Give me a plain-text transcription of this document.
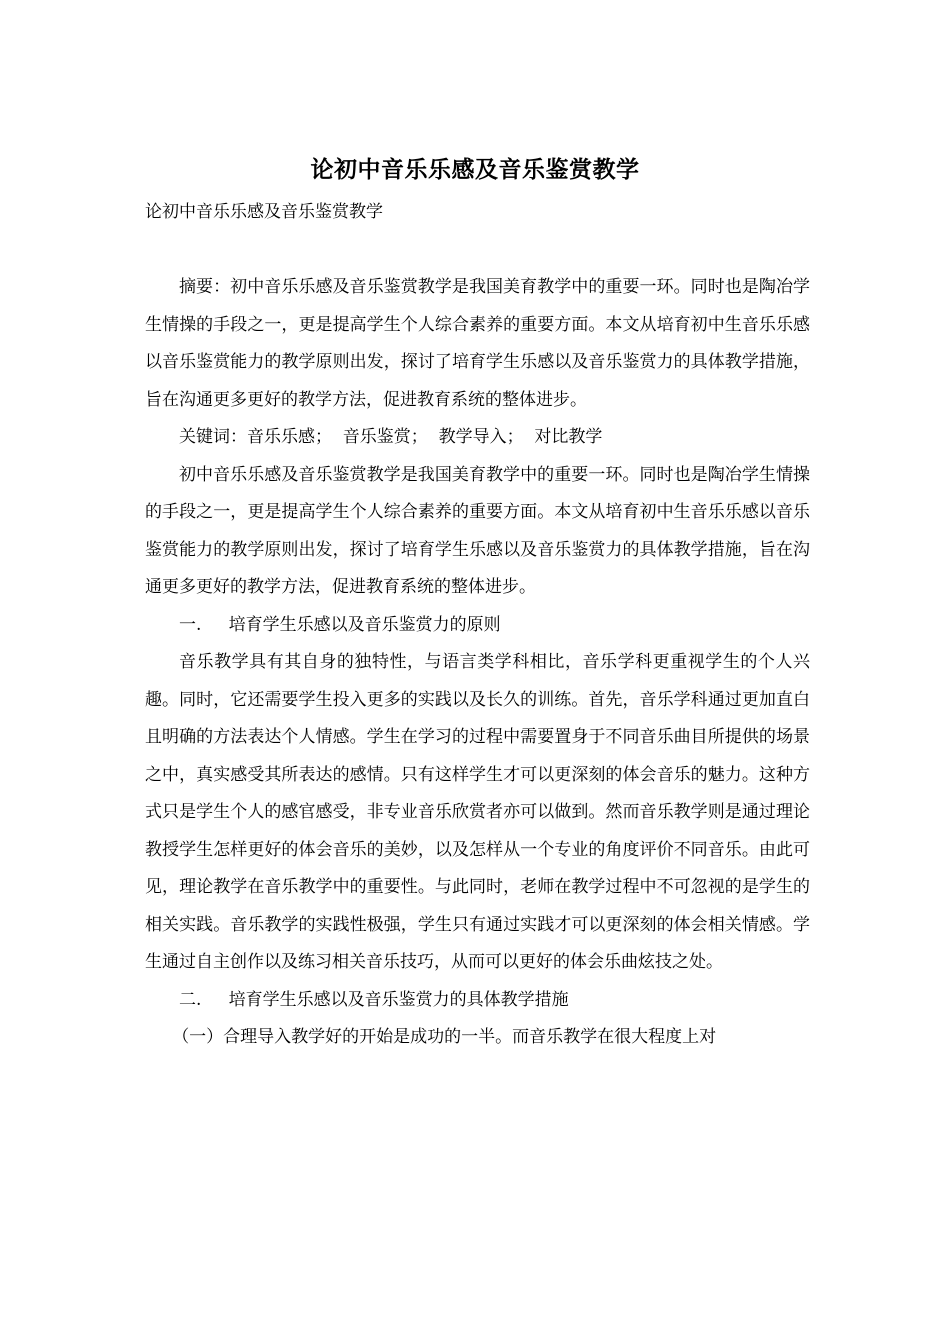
论初中音乐乐感及音乐鉴赏教学

论初中音乐乐感及音乐鉴赏教学

摘要：初中音乐乐感及音乐鉴赏教学是我国美育教学中的重要一环。同时也是陶冶学生情操的手段之一，更是提高学生个人综合素养的重要方面。本文从培育初中生音乐乐感以音乐鉴赏能力的教学原则出发，探讨了培育学生乐感以及音乐鉴赏力的具体教学措施，旨在沟通更多更好的教学方法，促进教育系统的整体进步。

关键词：音乐乐感；  音乐鉴赏；  教学导入；  对比教学

初中音乐乐感及音乐鉴赏教学是我国美育教学中的重要一环。同时也是陶冶学生情操的手段之一，更是提高学生个人综合素养的重要方面。本文从培育初中生音乐乐感以音乐鉴赏能力的教学原则出发，探讨了培育学生乐感以及音乐鉴赏力的具体教学措施，旨在沟通更多更好的教学方法，促进教育系统的整体进步。

一. 培育学生乐感以及音乐鉴赏力的原则

音乐教学具有其自身的独特性，与语言类学科相比，音乐学科更重视学生的个人兴趣。同时，它还需要学生投入更多的实践以及长久的训练。首先，音乐学科通过更加直白且明确的方法表达个人情感。学生在学习的过程中需要置身于不同音乐曲目所提供的场景之中，真实感受其所表达的感情。只有这样学生才可以更深刻的体会音乐的魅力。这种方式只是学生个人的感官感受，非专业音乐欣赏者亦可以做到。然而音乐教学则是通过理论教授学生怎样更好的体会音乐的美妙，以及怎样从一个专业的角度评价不同音乐。由此可见，理论教学在音乐教学中的重要性。与此同时，老师在教学过程中不可忽视的是学生的相关实践。音乐教学的实践性极强，学生只有通过实践才可以更深刻的体会相关情感。学生通过自主创作以及练习相关音乐技巧，从而可以更好的体会乐曲炫技之处。

二. 培育学生乐感以及音乐鉴赏力的具体教学措施

（一）合理导入教学好的开始是成功的一半。而音乐教学在很大程度上对
